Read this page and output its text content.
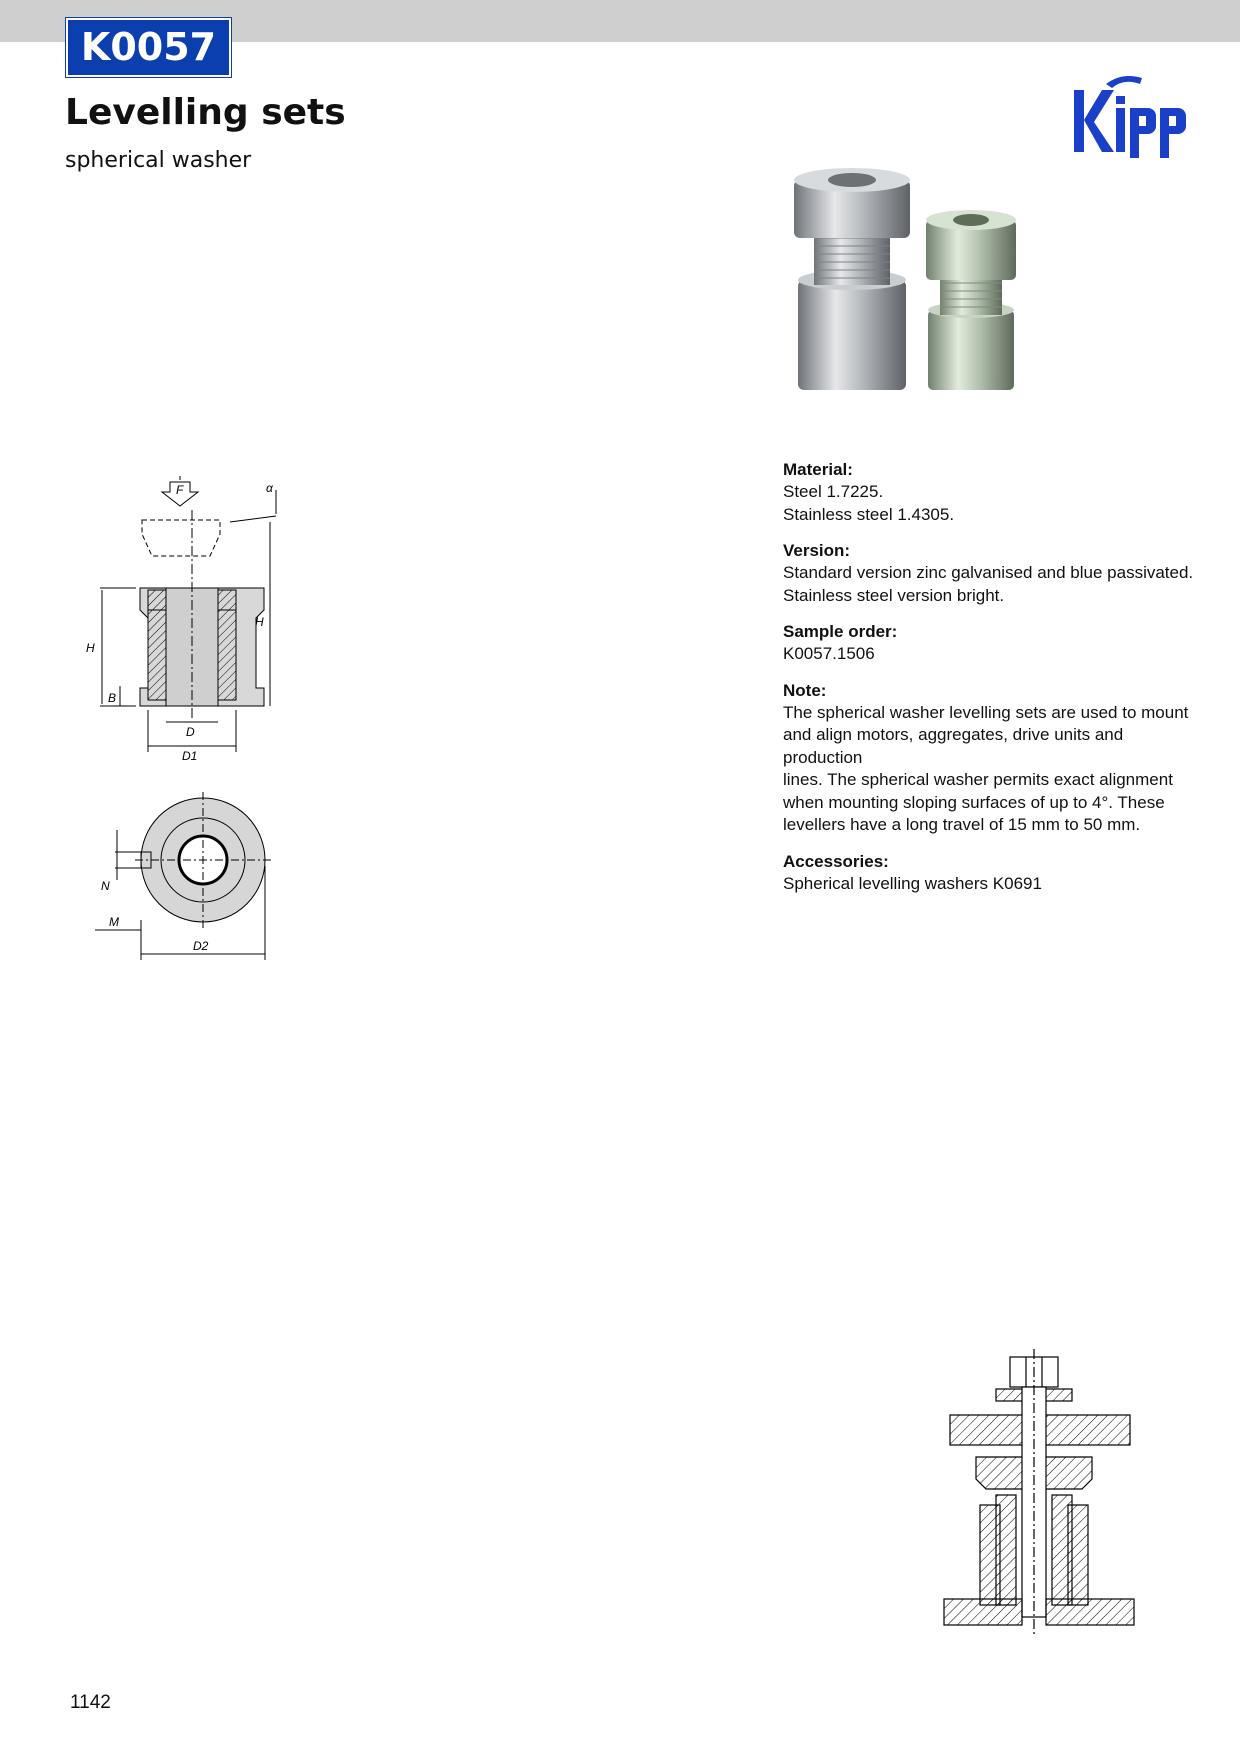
K0057
Levelling sets
spherical washer
F	α
H
H
B
D
D1
N
M
D2
Material:
Steel 1.7225.
Stainless steel 1.4305.
Version:
Standard version zinc galvanised and blue passivated.
Stainless steel version bright.
Sample order:
K0057.1506
Note:
The spherical washer levelling sets are used to mount
and align motors, aggregates, drive units and production
lines. The spherical washer permits exact alignment
when mounting sloping surfaces of up to 4°. These
levellers have a long travel of 15 mm to 50 mm.
Accessories:
Spherical levelling washers K0691
1142
